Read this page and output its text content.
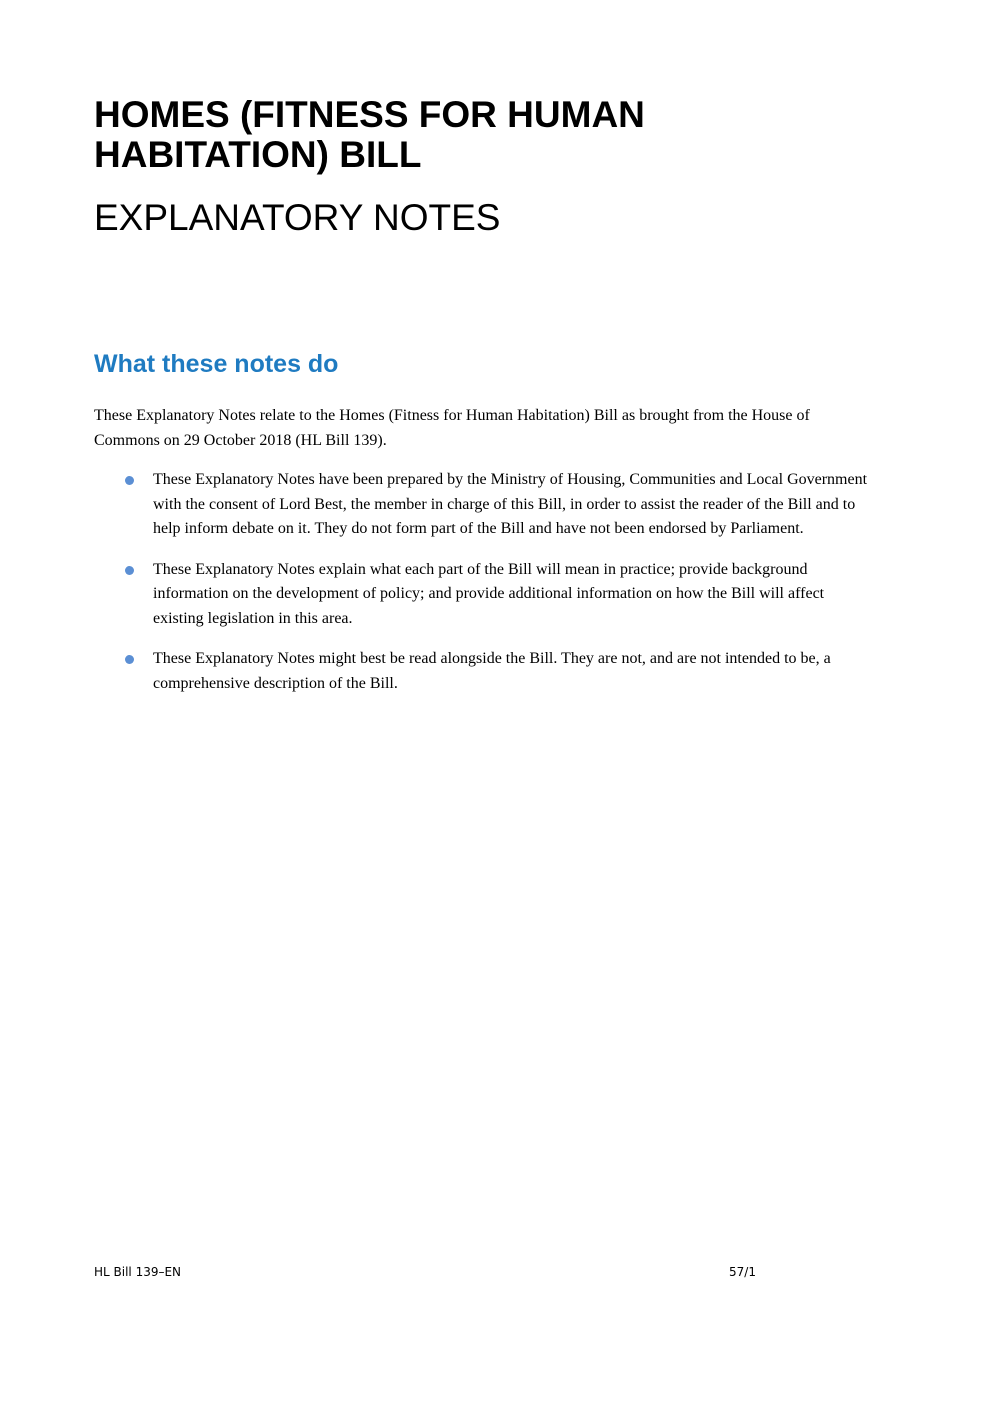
HOMES (FITNESS FOR HUMAN HABITATION) BILL
EXPLANATORY NOTES
What these notes do

These Explanatory Notes relate to the Homes (Fitness for Human Habitation) Bill as brought from the House of Commons on 29 October 2018 (HL Bill 139).

These Explanatory Notes have been prepared by the Ministry of Housing, Communities and Local Government with the consent of Lord Best, the member in charge of this Bill, in order to assist the reader of the Bill and to help inform debate on it. They do not form part of the Bill and have not been endorsed by Parliament.
These Explanatory Notes explain what each part of the Bill will mean in practice; provide background information on the development of policy; and provide additional information on how the Bill will affect existing legislation in this area.
These Explanatory Notes might best be read alongside the Bill. They are not, and are not intended to be, a comprehensive description of the Bill.

HL Bill 139–EN	57/1
